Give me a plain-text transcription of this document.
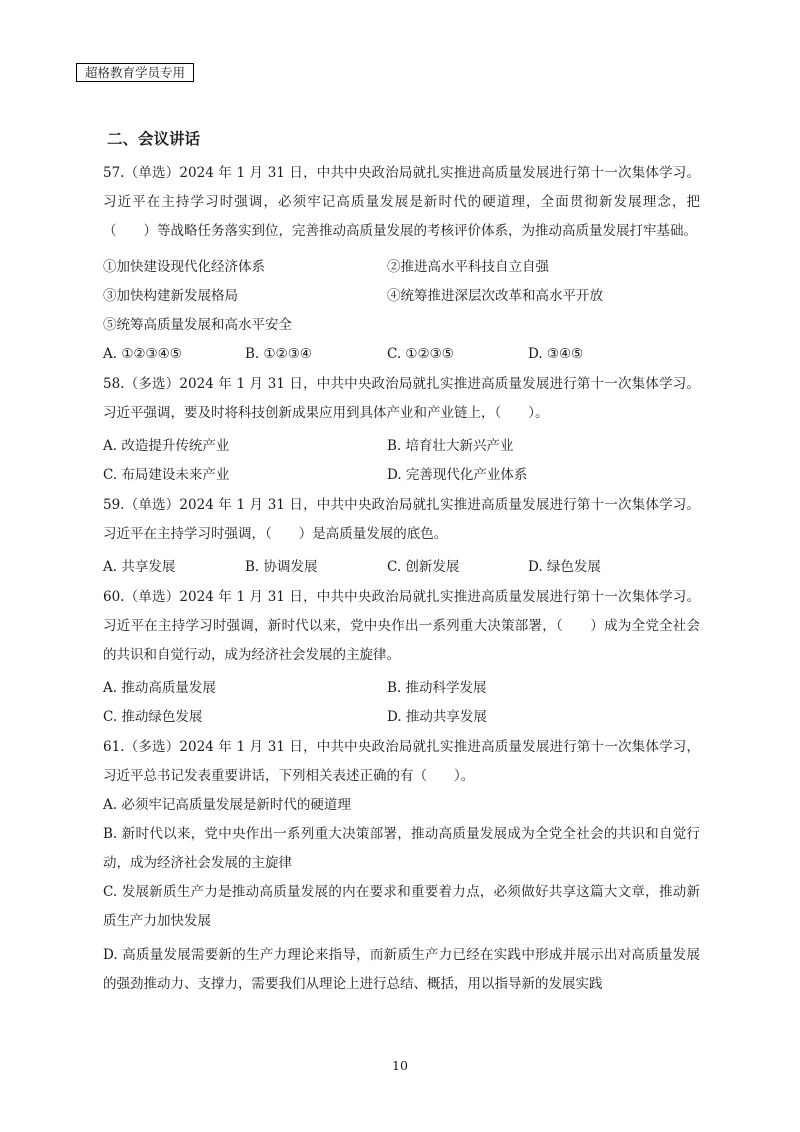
超格教育学员专用
二、会议讲话

57.（单选）2024 年 1 月 31 日，中共中央政治局就扎实推进高质量发展进行第十一次集体学习。习近平在主持学习时强调，必须牢记高质量发展是新时代的硬道理，全面贯彻新发展理念，把（　　）等战略任务落实到位，完善推动高质量发展的考核评价体系，为推动高质量发展打牢基础。

①加快建设现代化经济体系	②推进高水平科技自立自强
③加快构建新发展格局	④统筹推进深层次改革和高水平开放
⑤统筹高质量发展和高水平安全
A. ①②③④⑤	B. ①②③④	C. ①②③⑤	D. ③④⑤

58.（多选）2024 年 1 月 31 日，中共中央政治局就扎实推进高质量发展进行第十一次集体学习。习近平强调，要及时将科技创新成果应用到具体产业和产业链上，（　　）。

A. 改造提升传统产业	B. 培育壮大新兴产业
C. 布局建设未来产业	D. 完善现代化产业体系

59.（单选）2024 年 1 月 31 日，中共中央政治局就扎实推进高质量发展进行第十一次集体学习。习近平在主持学习时强调，（　　）是高质量发展的底色。

A. 共享发展	B. 协调发展	C. 创新发展	D. 绿色发展

60.（单选）2024 年 1 月 31 日，中共中央政治局就扎实推进高质量发展进行第十一次集体学习。习近平在主持学习时强调，新时代以来，党中央作出一系列重大决策部署，（　　）成为全党全社会的共识和自觉行动，成为经济社会发展的主旋律。

A. 推动高质量发展	B. 推动科学发展
C. 推动绿色发展	D. 推动共享发展

61.（多选）2024 年 1 月 31 日，中共中央政治局就扎实推进高质量发展进行第十一次集体学习，习近平总书记发表重要讲话，下列相关表述正确的有（　　）。

A. 必须牢记高质量发展是新时代的硬道理
B. 新时代以来，党中央作出一系列重大决策部署，推动高质量发展成为全党全社会的共识和自觉行动，成为经济社会发展的主旋律
C. 发展新质生产力是推动高质量发展的内在要求和重要着力点，必须做好共享这篇大文章，推动新质生产力加快发展
D. 高质量发展需要新的生产力理论来指导，而新质生产力已经在实践中形成并展示出对高质量发展的强劲推动力、支撑力，需要我们从理论上进行总结、概括，用以指导新的发展实践
10
